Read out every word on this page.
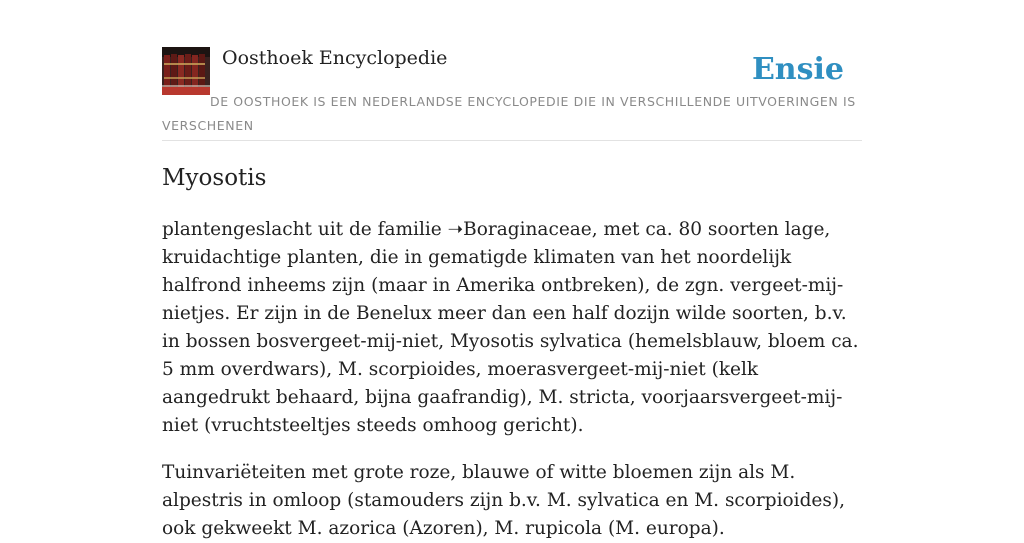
Oosthoek Encyclopedie	Ensie
DE OOSTHOEK IS EEN NEDERLANDSE ENCYCLOPEDIE DIE IN VERSCHILLENDE UITVOERINGEN IS VERSCHENEN
Myosotis

plantengeslacht uit de familie ➝Boraginaceae, met ca. 80 soorten lage, kruidachtige planten, die in gematigde klimaten van het noordelijk halfrond inheems zijn (maar in Amerika ontbreken), de zgn. vergeet-mij-nietjes. Er zijn in de Benelux meer dan een half dozijn wilde soorten, b.v. in bossen bosvergeet-mij-niet, Myosotis sylvatica (hemelsblauw, bloem ca. 5 mm overdwars), M. scorpioides, moerasvergeet-mij-niet (kelk aangedrukt behaard, bijna gaafrandig), M. stricta, voorjaarsvergeet-mij-niet (vruchtsteeltjes steeds omhoog gericht).

Tuinvariëteiten met grote roze, blauwe of witte bloemen zijn als M. alpestris in omloop (stamouders zijn b.v. M. sylvatica en M. scorpioides), ook gekweekt M. azorica (Azoren), M. rupicola (M. europa).
